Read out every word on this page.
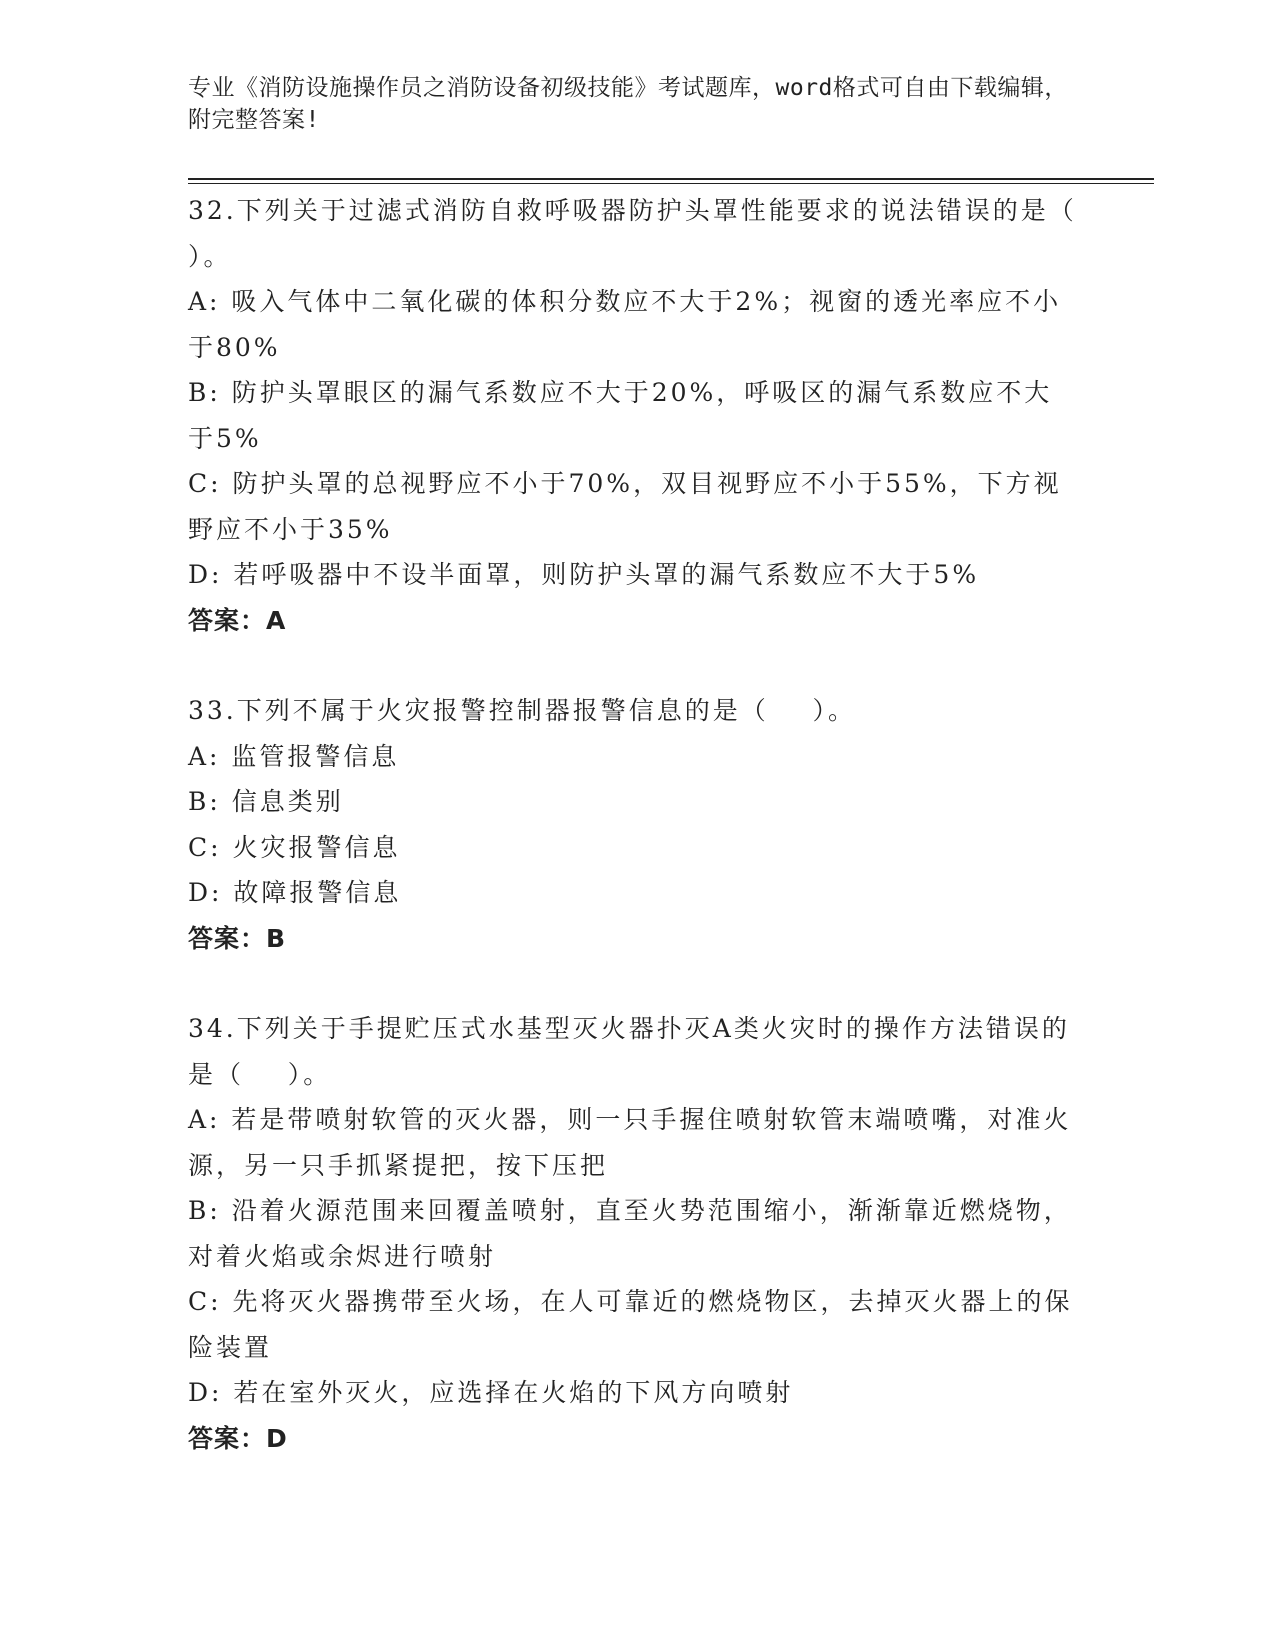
专业《消防设施操作员之消防设备初级技能》考试题库，word格式可自由下载编辑，附完整答案!
32.下列关于过滤式消防自救呼吸器防护头罩性能要求的说法错误的是（    ）。
A: 吸入气体中二氧化碳的体积分数应不大于2%；视窗的透光率应不小于80%
B: 防护头罩眼区的漏气系数应不大于20%，呼吸区的漏气系数应不大于5%
C: 防护头罩的总视野应不小于70%，双目视野应不小于55%，下方视野应不小于35%
D: 若呼吸器中不设半面罩，则防护头罩的漏气系数应不大于5%
答案：A
33.下列不属于火灾报警控制器报警信息的是（    ）。
A: 监管报警信息
B: 信息类别
C: 火灾报警信息
D: 故障报警信息
答案：B
34.下列关于手提贮压式水基型灭火器扑灭A类火灾时的操作方法错误的是（    ）。
A: 若是带喷射软管的灭火器，则一只手握住喷射软管末端喷嘴，对准火源，另一只手抓紧提把，按下压把
B: 沿着火源范围来回覆盖喷射，直至火势范围缩小，渐渐靠近燃烧物，对着火焰或余烬进行喷射
C: 先将灭火器携带至火场，在人可靠近的燃烧物区，去掉灭火器上的保险装置
D: 若在室外灭火，应选择在火焰的下风方向喷射
答案：D
